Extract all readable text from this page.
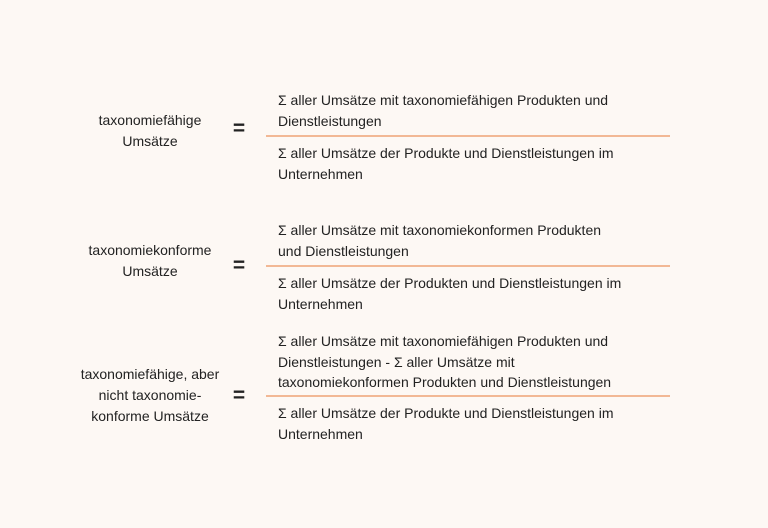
taxonomiefähige
Umsätze
=
Σ aller Umsätze mit taxonomiefähigen Produkten und
Dienstleistungen
Σ aller Umsätze der Produkte und Dienstleistungen im
Unternehmen
taxonomiekonforme
Umsätze	=
Σ aller Umsätze mit taxonomiekonformen Produkten
und Dienstleistungen
Σ aller Umsätze der Produkten und Dienstleistungen im
Unternehmen
taxonomiefähige, aber
nicht taxonomie-
konforme Umsätze
=
Σ aller Umsätze mit taxonomiefähigen Produkten und
Dienstleistungen - Σ aller Umsätze mit
taxonomiekonformen Produkten und Dienstleistungen
Σ aller Umsätze der Produkte und Dienstleistungen im
Unternehmen
